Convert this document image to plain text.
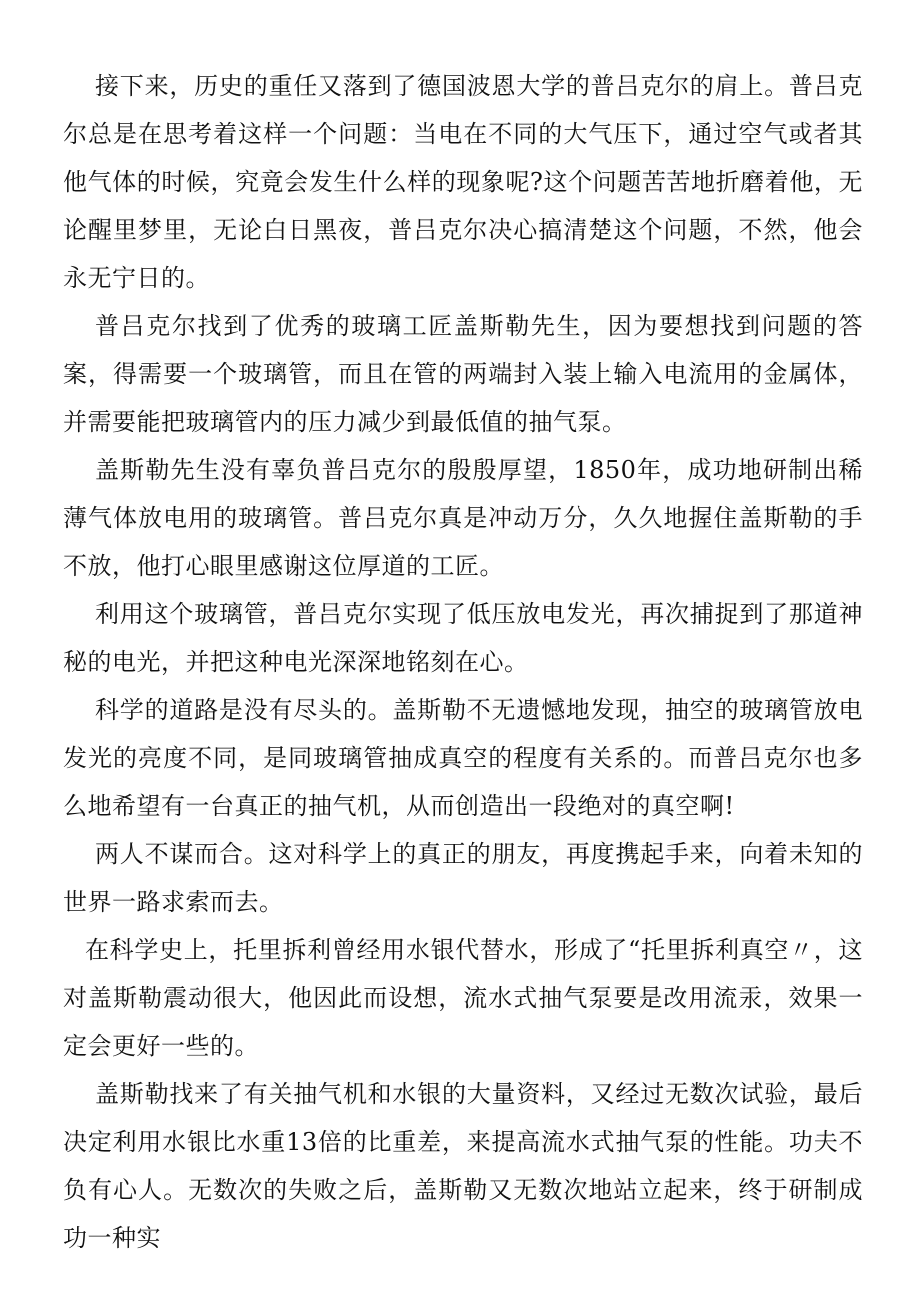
接下来，历史的重任又落到了德国波恩大学的普吕克尔的肩上。普吕克尔总是在思考着这样一个问题：当电在不同的大气压下，通过空气或者其他气体的时候，究竟会发生什么样的现象呢?这个问题苦苦地折磨着他，无论醒里梦里，无论白日黑夜，普吕克尔决心搞清楚这个问题，不然，他会永无宁日的。

普吕克尔找到了优秀的玻璃工匠盖斯勒先生，因为要想找到问题的答案，得需要一个玻璃管，而且在管的两端封入装上输入电流用的金属体，并需要能把玻璃管内的压力减少到最低值的抽气泵。

盖斯勒先生没有辜负普吕克尔的殷殷厚望，1850年，成功地研制出稀薄气体放电用的玻璃管。普吕克尔真是冲动万分，久久地握住盖斯勒的手不放，他打心眼里感谢这位厚道的工匠。

利用这个玻璃管，普吕克尔实现了低压放电发光，再次捕捉到了那道神秘的电光，并把这种电光深深地铭刻在心。

科学的道路是没有尽头的。盖斯勒不无遗憾地发现，抽空的玻璃管放电发光的亮度不同，是同玻璃管抽成真空的程度有关系的。而普吕克尔也多么地希望有一台真正的抽气机，从而创造出一段绝对的真空啊!

两人不谋而合。这对科学上的真正的朋友，再度携起手来，向着未知的世界一路求索而去。

在科学史上，托里拆利曾经用水银代替水，形成了“托里拆利真空〃，这对盖斯勒震动很大，他因此而设想，流水式抽气泵要是改用流汞，效果一定会更好一些的。

盖斯勒找来了有关抽气机和水银的大量资料，又经过无数次试验，最后决定利用水银比水重13倍的比重差，来提高流水式抽气泵的性能。功夫不负有心人。无数次的失败之后，盖斯勒又无数次地站立起来，终于研制成功一种实
